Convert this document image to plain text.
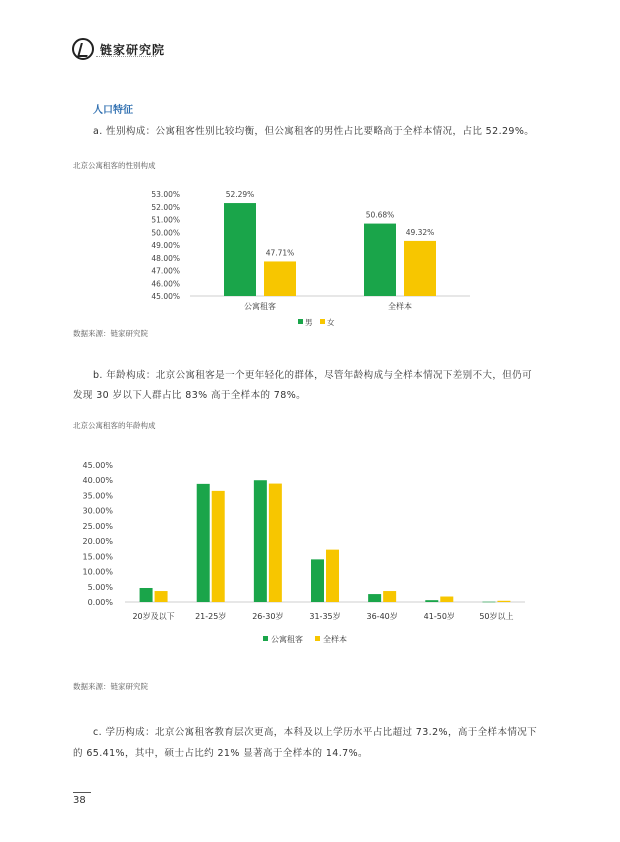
链家研究院
人口特征
a. 性别构成：公寓租客性别比较均衡，但公寓租客的男性占比要略高于全样本情况，占比 52.29%。
北京公寓租客的性别构成
45.00%
46.00%
47.00%
48.00%
49.00%
50.00%
51.00%
52.00%
53.00%	52.29%
47.71%
公寓租客
50.68%
49.32%
全样本
男 女
数据来源：链家研究院
b. 年龄构成：北京公寓租客是一个更年轻化的群体，尽管年龄构成与全样本情况下差别不大，但仍可
发现 30 岁以下人群占比 83% 高于全样本的 78%。
北京公寓租客的年龄构成
0.00%
5.00%
10.00%
15.00%
20.00%
25.00%
30.00%
35.00%
40.00%
45.00%
20岁及以下	21-25岁	26-30岁	31-35岁	36-40岁	41-50岁	50岁以上
公寓租客	全样本
数据来源：链家研究院
c. 学历构成：北京公寓租客教育层次更高，本科及以上学历水平占比超过 73.2%，高于全样本情况下
的 65.41%，其中，硕士占比约 21% 显著高于全样本的 14.7%。
38
